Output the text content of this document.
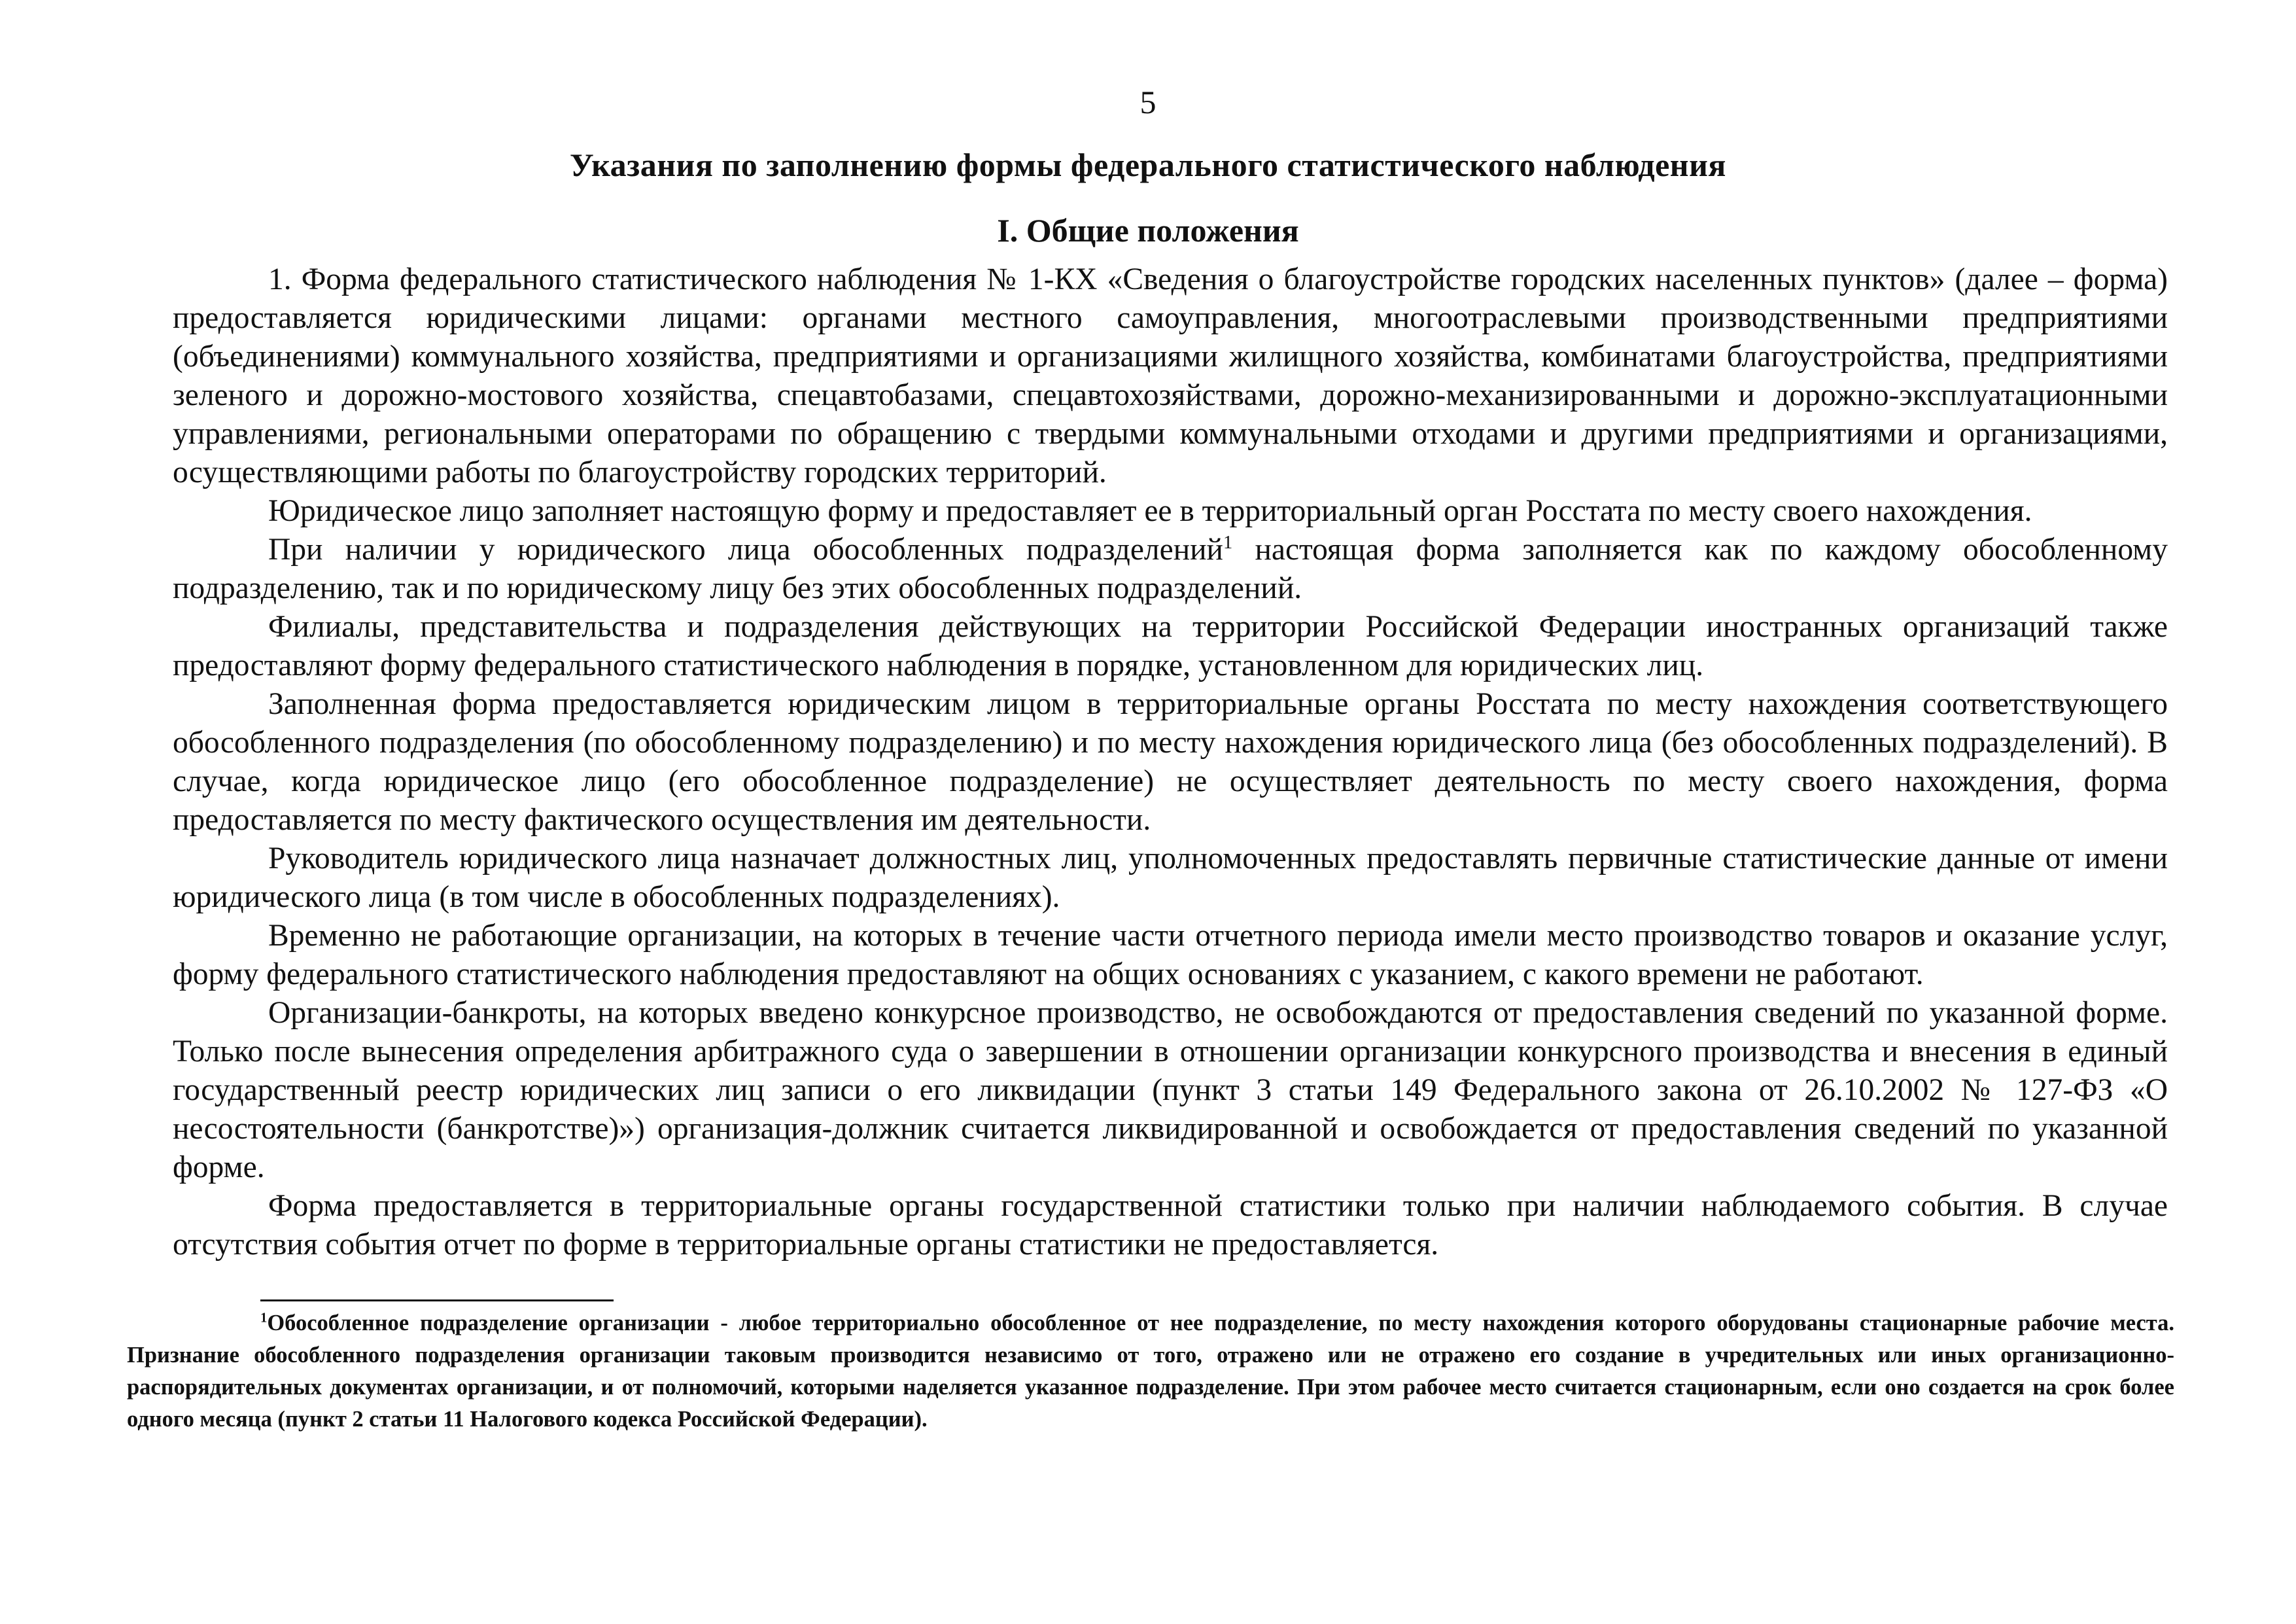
5
Указания по заполнению формы федерального статистического наблюдения
I. Общие положения

1. Форма федерального статистического наблюдения № 1-КХ «Сведения о благоустройстве городских населенных пунктов» (далее – форма) предоставляется юридическими лицами: органами местного самоуправления, многоотраслевыми производственными предприятиями (объединениями) коммунального хозяйства, предприятиями и организациями жилищного хозяйства, комбинатами благоустройства, предприятиями зеленого и дорожно-мостового хозяйства, спецавтобазами, спецавтохозяйствами, дорожно-механизированными и дорожно-эксплуатационными управлениями, региональными операторами по обращению с твердыми коммунальными отходами и другими предприятиями и организациями, осуществляющими работы по благоустройству городских территорий.

Юридическое лицо заполняет настоящую форму и предоставляет ее в территориальный орган Росстата по месту своего нахождения.

При наличии у юридического лица обособленных подразделений$^1$ настоящая форма заполняется как по каждому обособленному подразделению, так и по юридическому лицу без этих обособленных подразделений.

Филиалы, представительства и подразделения действующих на территории Российской Федерации иностранных организаций также предоставляют форму федерального статистического наблюдения в порядке, установленном для юридических лиц.

Заполненная форма предоставляется юридическим лицом в территориальные органы Росстата по месту нахождения соответствующего обособленного подразделения (по обособленному подразделению) и по месту нахождения юридического лица (без обособленных подразделений). В случае, когда юридическое лицо (его обособленное подразделение) не осуществляет деятельность по месту своего нахождения, форма предоставляется по месту фактического осуществления им деятельности.

Руководитель юридического лица назначает должностных лиц, уполномоченных предоставлять первичные статистические данные от имени юридического лица (в том числе в обособленных подразделениях).

Временно не работающие организации, на которых в течение части отчетного периода имели место производство товаров и оказание услуг, форму федерального статистического наблюдения предоставляют на общих основаниях с указанием, с какого времени не работают.

Организации-банкроты, на которых введено конкурсное производство, не освобождаются от предоставления сведений по указанной форме. Только после вынесения определения арбитражного суда о завершении в отношении организации конкурсного производства и внесения в единый государственный реестр юридических лиц записи о его ликвидации (пункт 3 статьи 149 Федерального закона от 26.10.2002 № 127-ФЗ «О несостоятельности (банкротстве)») организация-должник считается ликвидированной и освобождается от предоставления сведений по указанной форме.

Форма предоставляется в территориальные органы государственной статистики только при наличии наблюдаемого события. В случае отсутствия события отчет по форме в территориальные органы статистики не предоставляется.

$^1$Обособленное подразделение организации - любое территориально обособленное от нее подразделение, по месту нахождения которого оборудованы стационарные рабочие места. Признание обособленного подразделения организации таковым производится независимо от того, отражено или не отражено его создание в учредительных или иных организационно-распорядительных документах организации, и от полномочий, которыми наделяется указанное подразделение. При этом рабочее место считается стационарным, если оно создается на срок более одного месяца (пункт 2 статьи 11 Налогового кодекса Российской Федерации).
